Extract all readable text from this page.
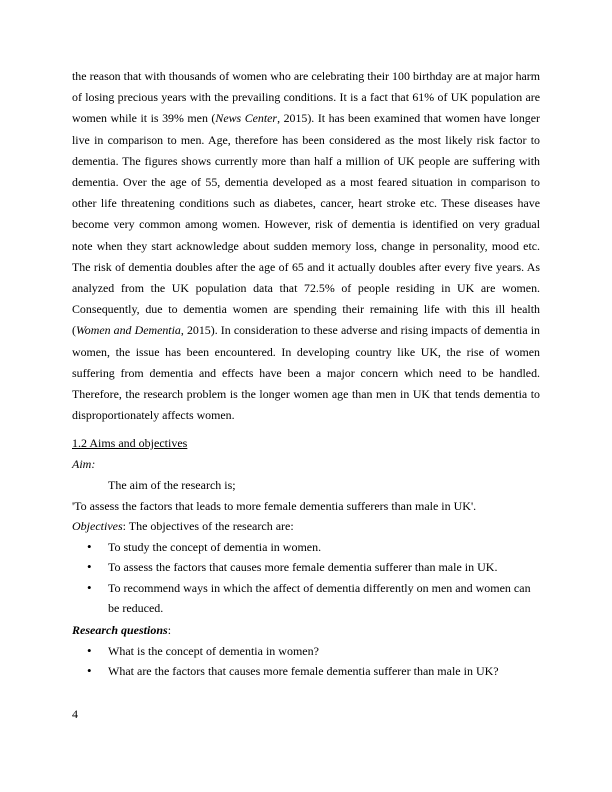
the reason that with thousands of women who are celebrating their 100 birthday are at major harm of losing precious years with the prevailing conditions. It is a fact that 61% of UK population are women while it is 39% men (News Center, 2015). It has been examined that women have longer live in comparison to men. Age, therefore has been considered as the most likely risk factor to dementia. The figures shows currently more than half a million of UK people are suffering with dementia. Over the age of 55, dementia developed as a most feared situation in comparison to other life threatening conditions such as diabetes, cancer, heart stroke etc. These diseases have become very common among women. However, risk of dementia is identified on very gradual note when they start acknowledge about sudden memory loss, change in personality, mood etc. The risk of dementia doubles after the age of 65 and it actually doubles after every five years. As analyzed from the UK population data that 72.5% of people residing in UK are women. Consequently, due to dementia women are spending their remaining life with this ill health (Women and Dementia, 2015). In consideration to these adverse and rising impacts of dementia in women, the issue has been encountered. In developing country like UK, the rise of women suffering from dementia and effects have been a major concern which need to be handled. Therefore, the research problem is the longer women age than men in UK that tends dementia to disproportionately affects women.

1.2 Aims and objectives

Aim:

The aim of the research is;

'To assess the factors that leads to more female dementia sufferers than male in UK'.

Objectives: The objectives of the research are:

• To study the concept of dementia in women.
• To assess the factors that causes more female dementia sufferer than male in UK.
• To recommend ways in which the affect of dementia differently on men and women can be reduced.

Research questions:

• What is the concept of dementia in women?
• What are the factors that causes more female dementia sufferer than male in UK?

4
